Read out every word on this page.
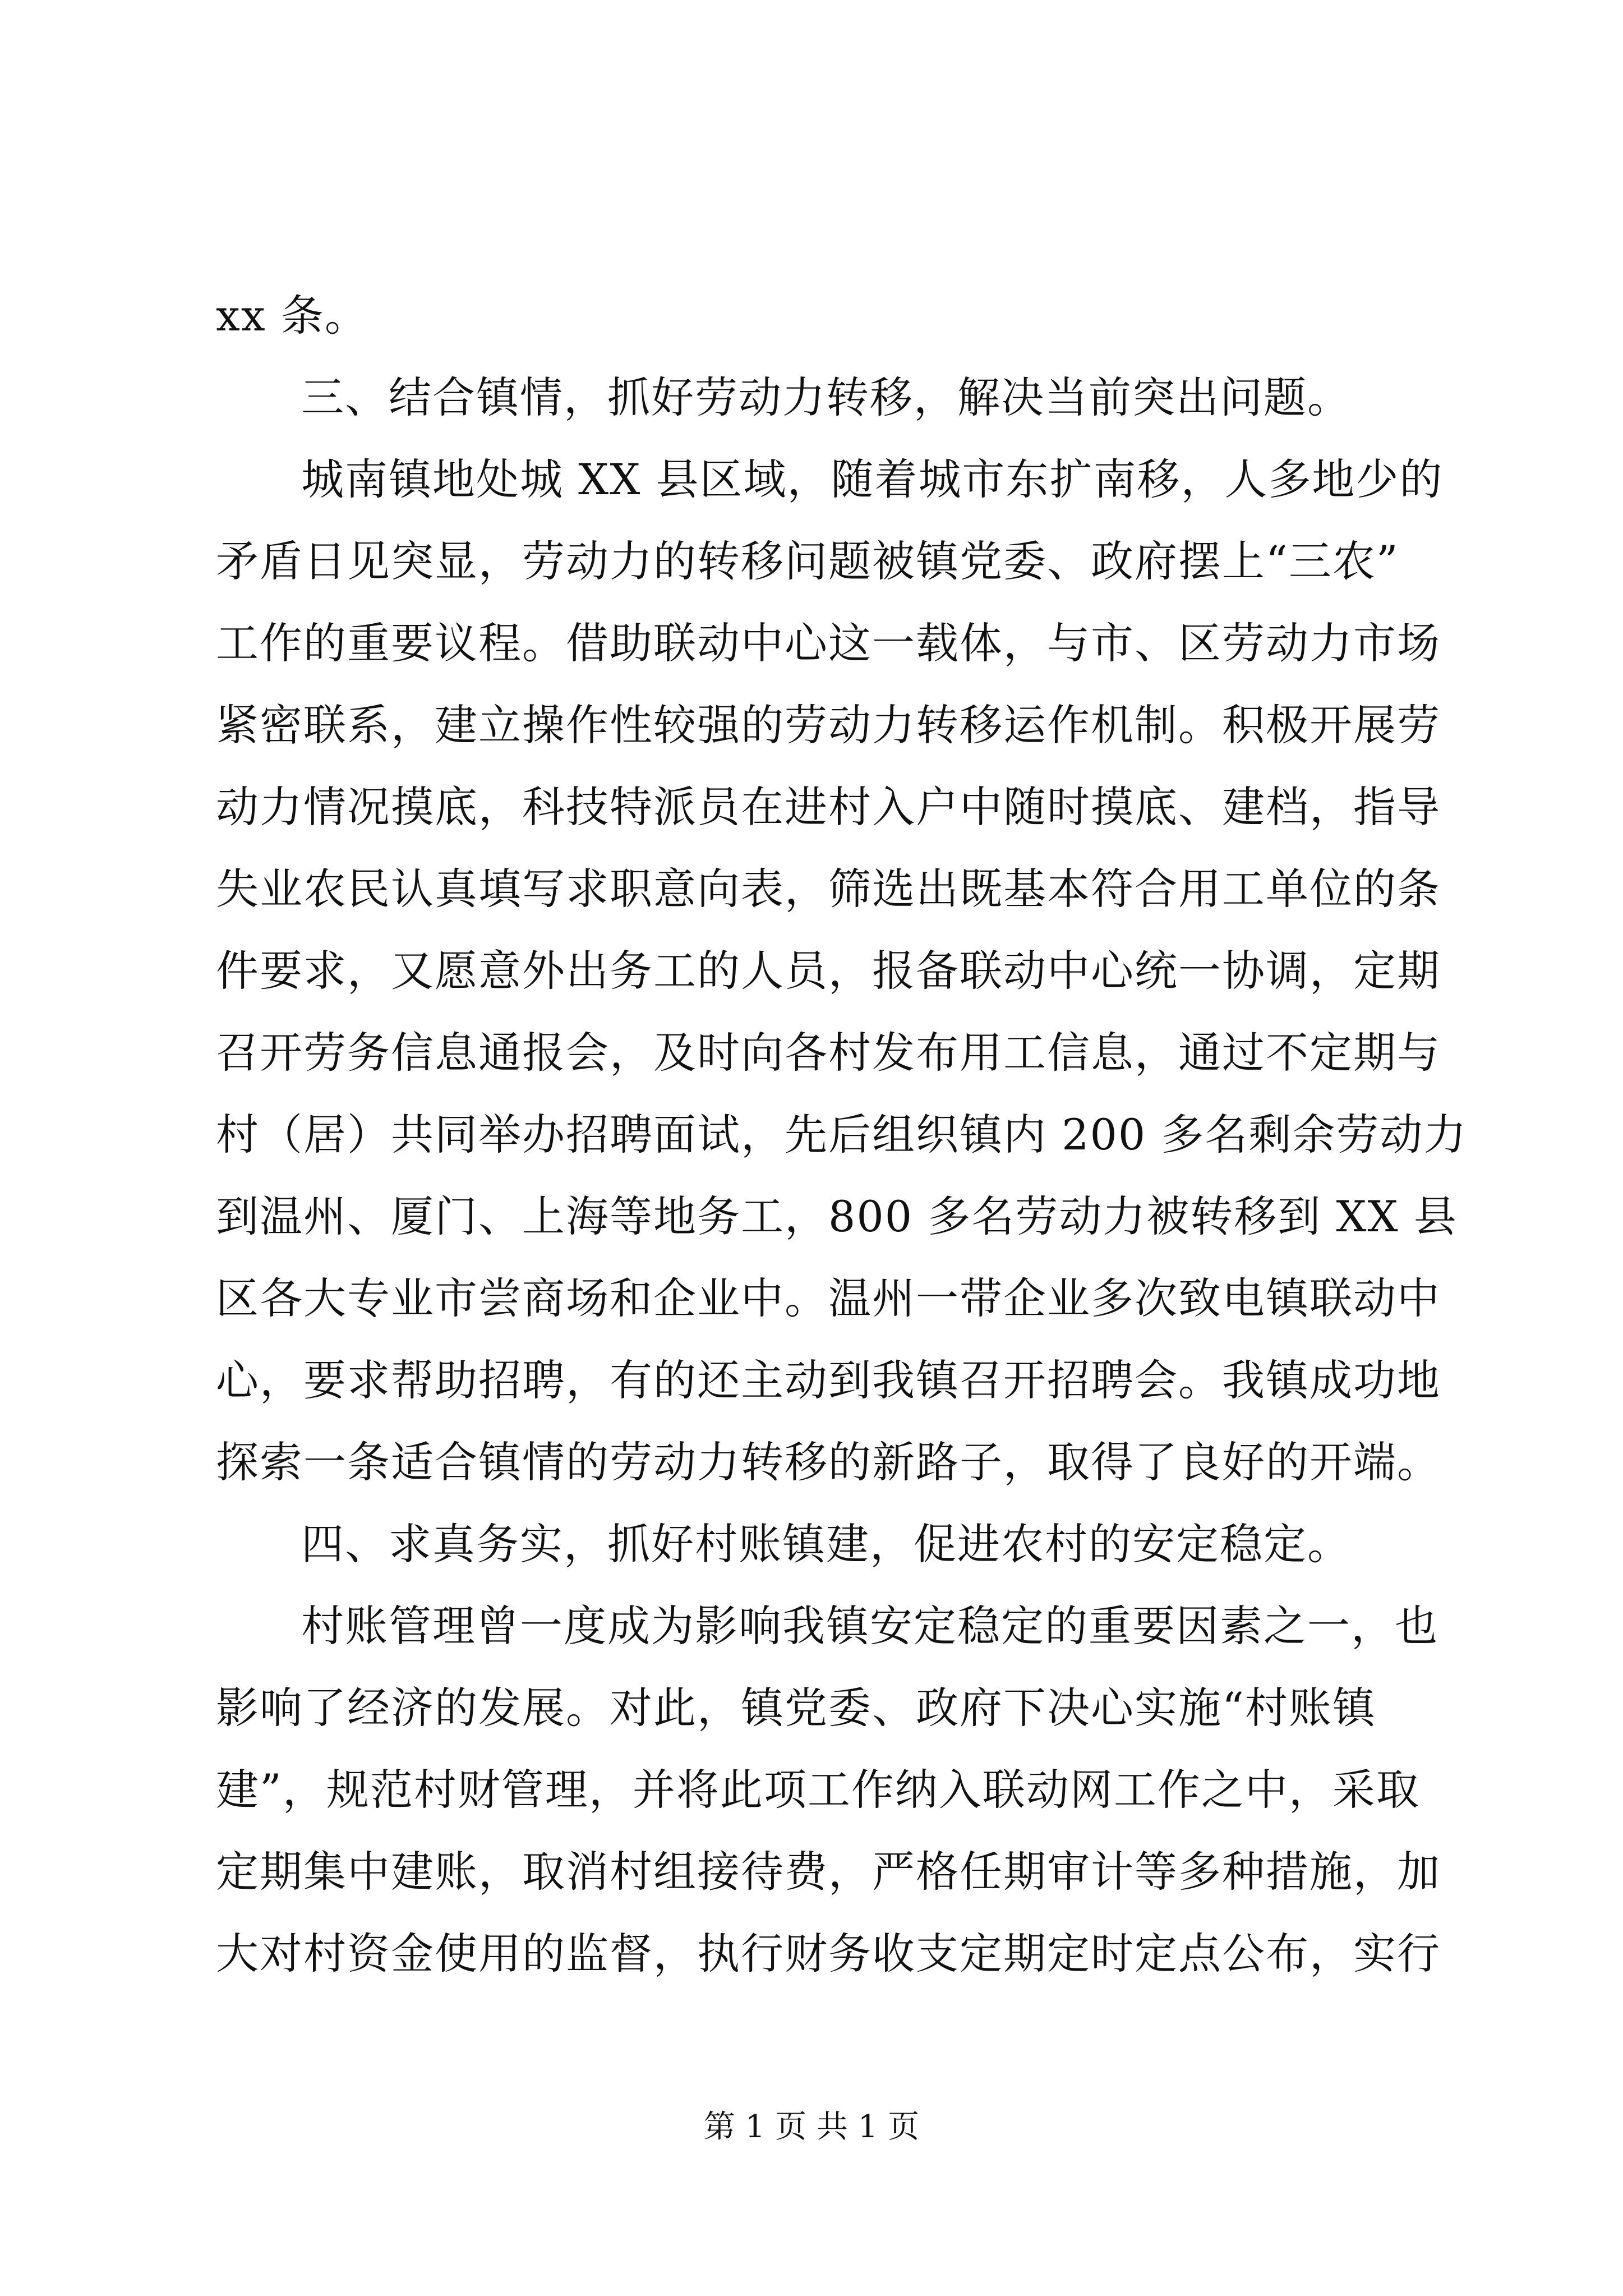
xx 条。
三、结合镇情，抓好劳动力转移，解决当前突出问题。
城南镇地处城 XX 县区域，随着城市东扩南移，人多地少的
矛盾日见突显，劳动力的转移问题被镇党委、政府摆上“三农”
工作的重要议程。借助联动中心这一载体，与市、区劳动力市场
紧密联系，建立操作性较强的劳动力转移运作机制。积极开展劳
动力情况摸底，科技特派员在进村入户中随时摸底、建档，指导
失业农民认真填写求职意向表，筛选出既基本符合用工单位的条
件要求，又愿意外出务工的人员，报备联动中心统一协调，定期
召开劳务信息通报会，及时向各村发布用工信息，通过不定期与
村（居）共同举办招聘面试，先后组织镇内 200 多名剩余劳动力
到温州、厦门、上海等地务工，800 多名劳动力被转移到 XX 县
区各大专业市尝商场和企业中。温州一带企业多次致电镇联动中
心，要求帮助招聘，有的还主动到我镇召开招聘会。我镇成功地
探索一条适合镇情的劳动力转移的新路子，取得了良好的开端。
四、求真务实，抓好村账镇建，促进农村的安定稳定。
村账管理曾一度成为影响我镇安定稳定的重要因素之一，也
影响了经济的发展。对此，镇党委、政府下决心实施“村账镇
建”，规范村财管理，并将此项工作纳入联动网工作之中，采取
定期集中建账，取消村组接待费，严格任期审计等多种措施，加
大对村资金使用的监督，执行财务收支定期定时定点公布，实行
第 1 页 共 1 页
